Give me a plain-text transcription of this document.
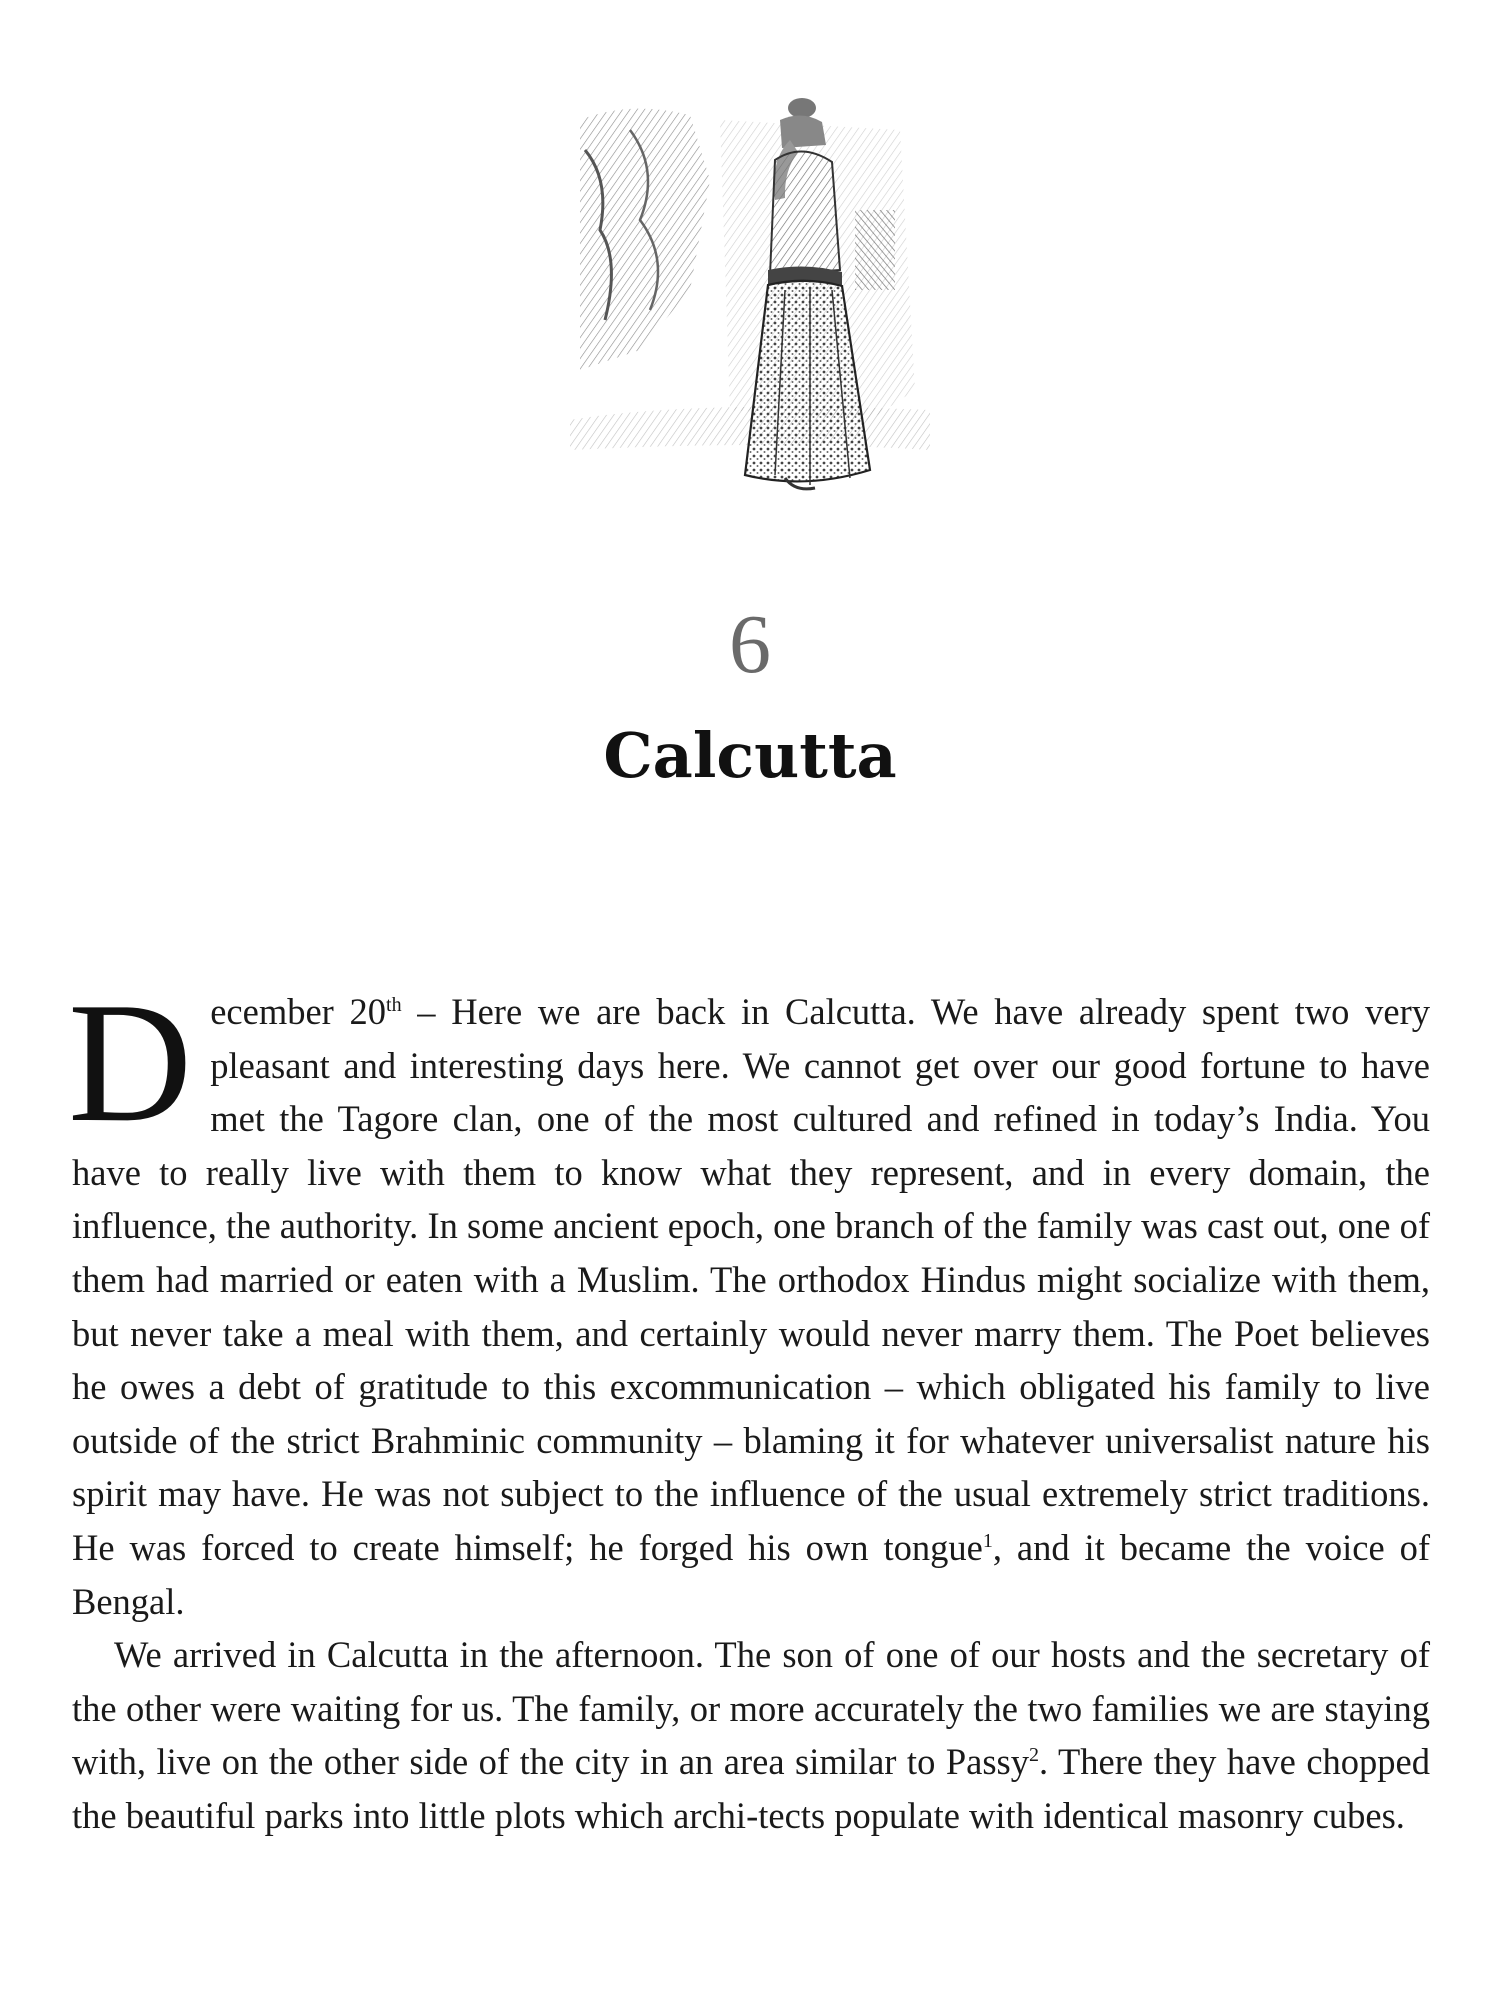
6
Calcutta

December 20th – Here we are back in Calcutta. We have already spent two very pleasant and interesting days here. We cannot get over our good fortune to have met the Tagore clan, one of the most cultured and refined in today’s India. You have to really live with them to know what they represent, and in every domain, the influence, the authority. In some ancient epoch, one branch of the family was cast out, one of them had married or eaten with a Muslim. The orthodox Hindus might socialize with them, but never take a meal with them, and certainly would never marry them. The Poet believes he owes a debt of gratitude to this excommunication – which obligated his family to live outside of the strict Brahminic community – blaming it for whatever universalist nature his spirit may have. He was not subject to the influence of the usual extremely strict traditions. He was forced to create himself; he forged his own tongue$^1$, and it became the voice of Bengal.

We arrived in Calcutta in the afternoon. The son of one of our hosts and the secretary of the other were waiting for us. The family, or more accurately the two families we are staying with, live on the other side of the city in an area similar to Passy$^2$. There they have chopped the beautiful parks into little plots which archi-tects populate with identical masonry cubes.
